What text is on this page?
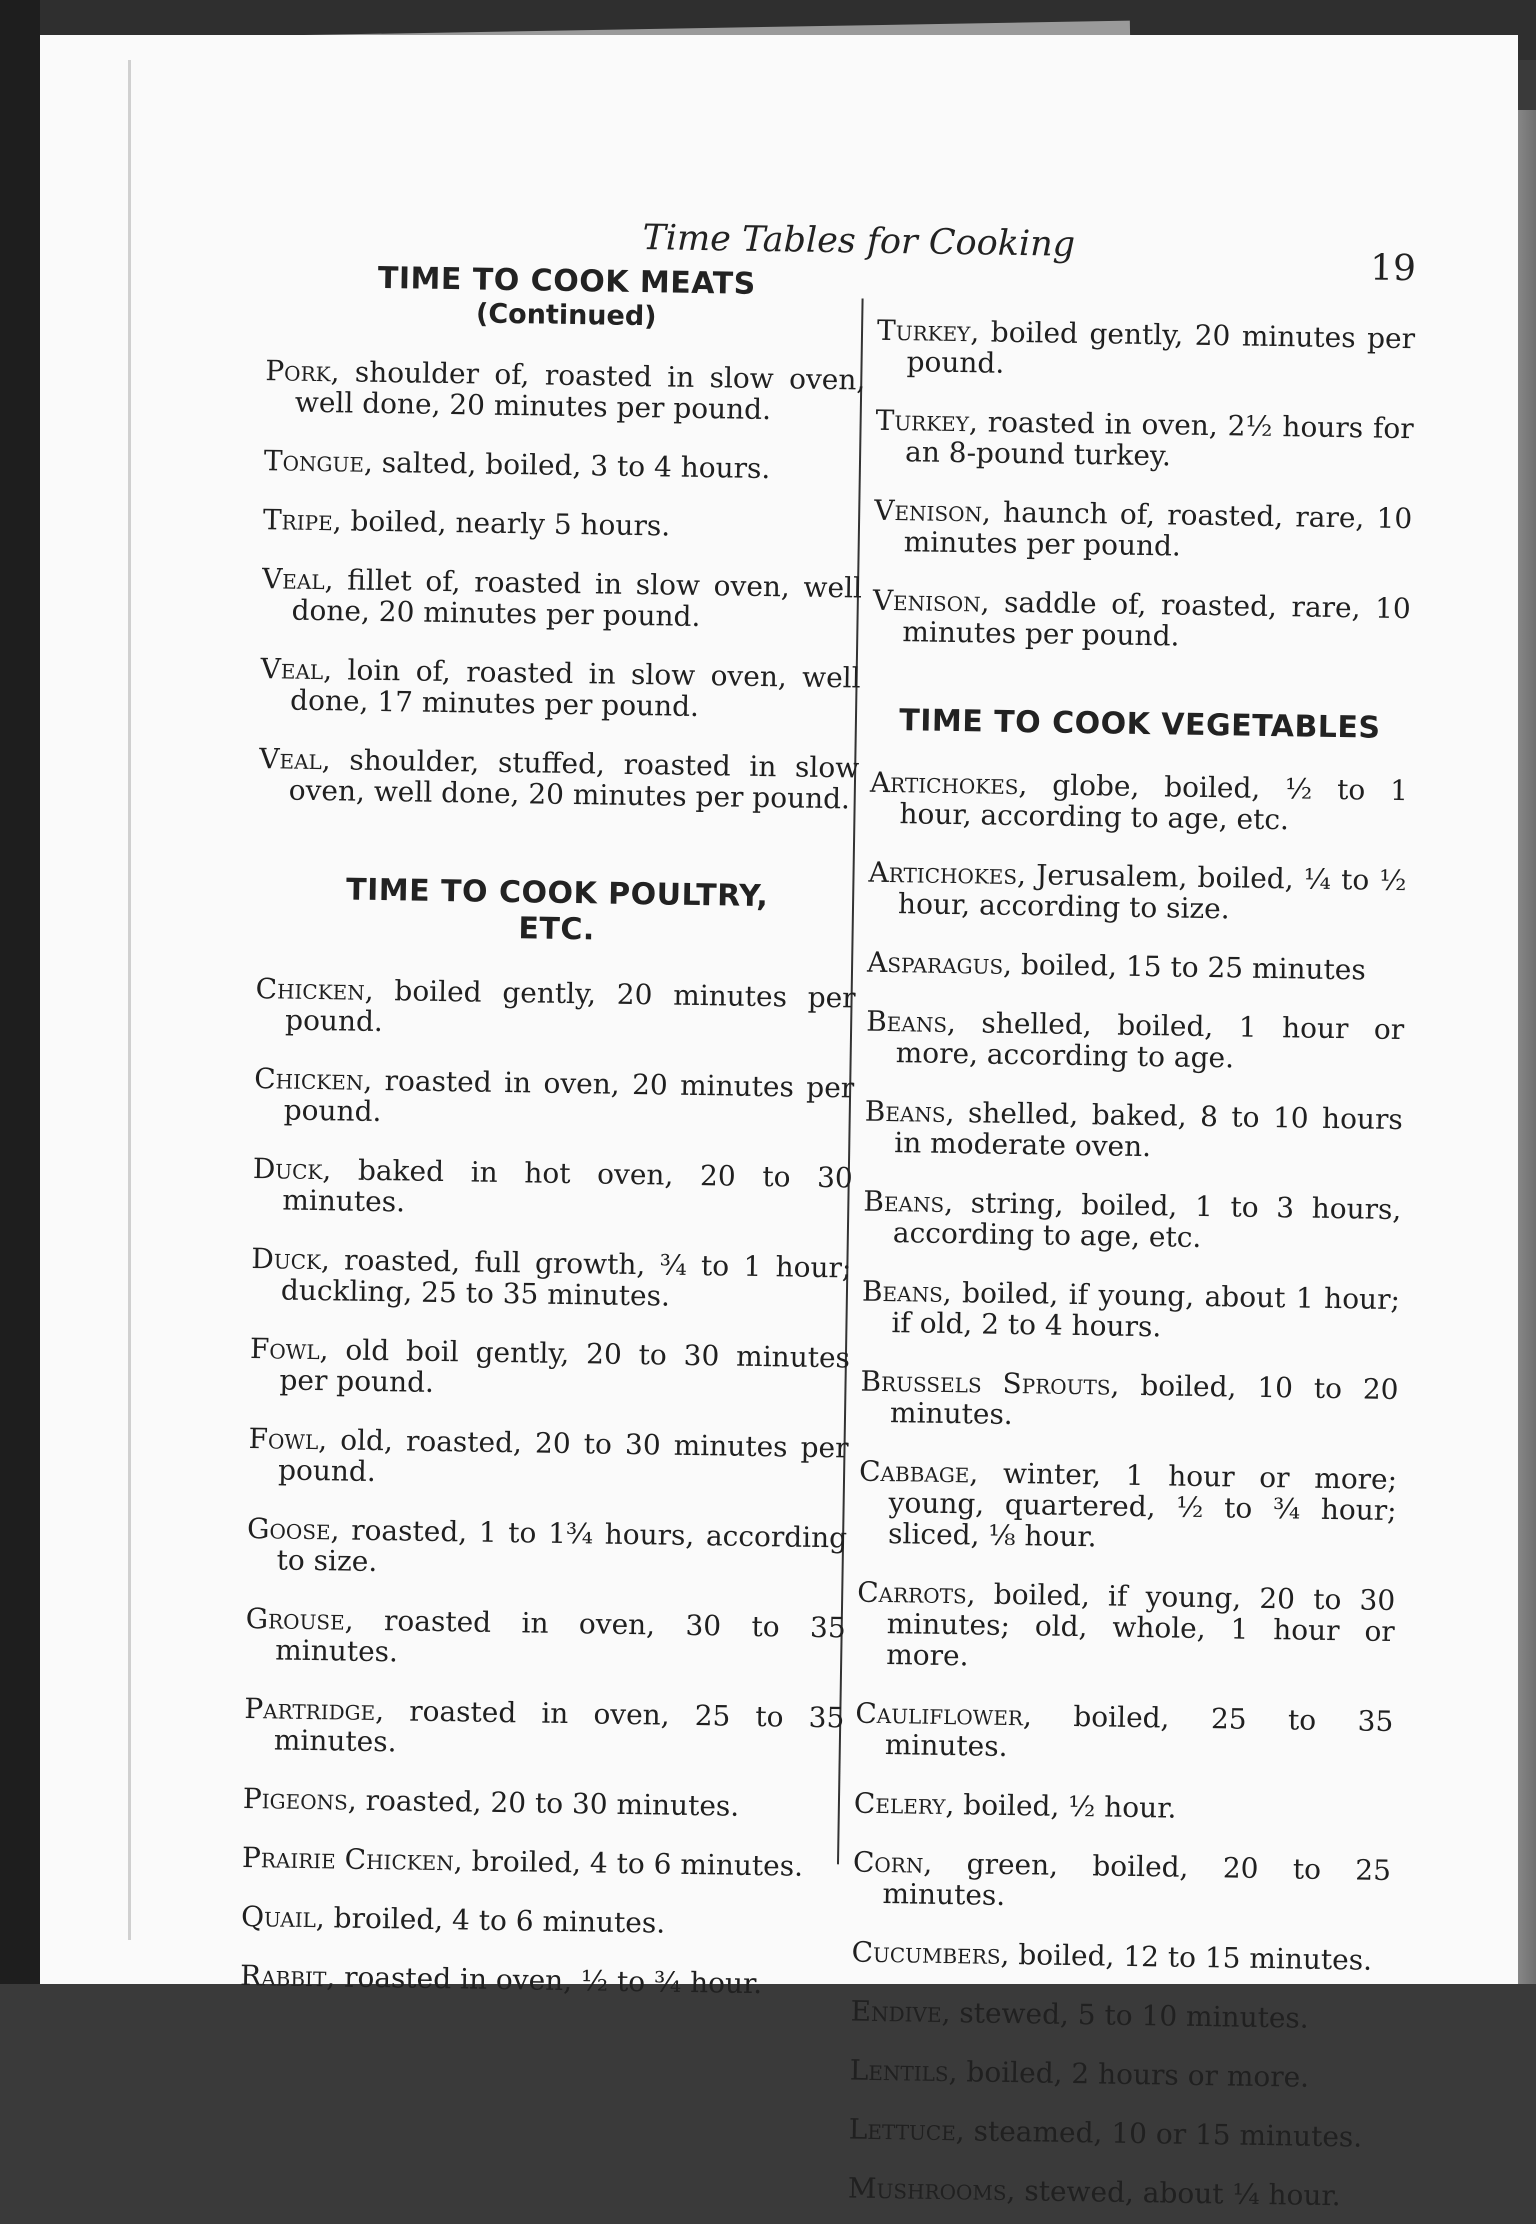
Time Tables for Cooking
19
TIME TO COOK MEATS
(Continued)

Pork, shoulder of, roasted in slow oven, well done, 20 minutes per pound.

Tongue, salted, boiled, 3 to 4 hours.

Tripe, boiled, nearly 5 hours.

Veal, fillet of, roasted in slow oven, well done, 20 minutes per pound.

Veal, loin of, roasted in slow oven, well done, 17 minutes per pound.

Veal, shoulder, stuffed, roasted in slow oven, well done, 20 minutes per pound.

TIME TO COOK POULTRY,
ETC.

Chicken, boiled gently, 20 minutes per pound.

Chicken, roasted in oven, 20 minutes per pound.

Duck, baked in hot oven, 20 to 30 minutes.

Duck, roasted, full growth, ¾ to 1 hour; duckling, 25 to 35 minutes.

Fowl, old boil gently, 20 to 30 minutes per pound.

Fowl, old, roasted, 20 to 30 minutes per pound.

Goose, roasted, 1 to 1¾ hours, according to size.

Grouse, roasted in oven, 30 to 35 minutes.

Partridge, roasted in oven, 25 to 35 minutes.

Pigeons, roasted, 20 to 30 minutes.

Prairie Chicken, broiled, 4 to 6 minutes.

Quail, broiled, 4 to 6 minutes.

Rabbit, roasted in oven, ½ to ¾ hour.

Turkey, boiled gently, 20 minutes per pound.

Turkey, roasted in oven, 2½ hours for an 8-pound turkey.

Venison, haunch of, roasted, rare, 10 minutes per pound.

Venison, saddle of, roasted, rare, 10 minutes per pound.

TIME TO COOK VEGETABLES

Artichokes, globe, boiled, ½ to 1 hour, according to age, etc.

Artichokes, Jerusalem, boiled, ¼ to ½ hour, according to size.

Asparagus, boiled, 15 to 25 minutes

Beans, shelled, boiled, 1 hour or more, according to age.

Beans, shelled, baked, 8 to 10 hours in moderate oven.

Beans, string, boiled, 1 to 3 hours, according to age, etc.

Beans, boiled, if young, about 1 hour; if old, 2 to 4 hours.

Brussels Sprouts, boiled, 10 to 20 minutes.

Cabbage, winter, 1 hour or more; young, quartered, ½ to ¾ hour; sliced, ⅛ hour.

Carrots, boiled, if young, 20 to 30 minutes; old, whole, 1 hour or more.

Cauliflower, boiled, 25 to 35 minutes.

Celery, boiled, ½ hour.

Corn, green, boiled, 20 to 25 minutes.

Cucumbers, boiled, 12 to 15 minutes.

Endive, stewed, 5 to 10 minutes.

Lentils, boiled, 2 hours or more.

Lettuce, steamed, 10 or 15 minutes.

Mushrooms, stewed, about ¼ hour.
